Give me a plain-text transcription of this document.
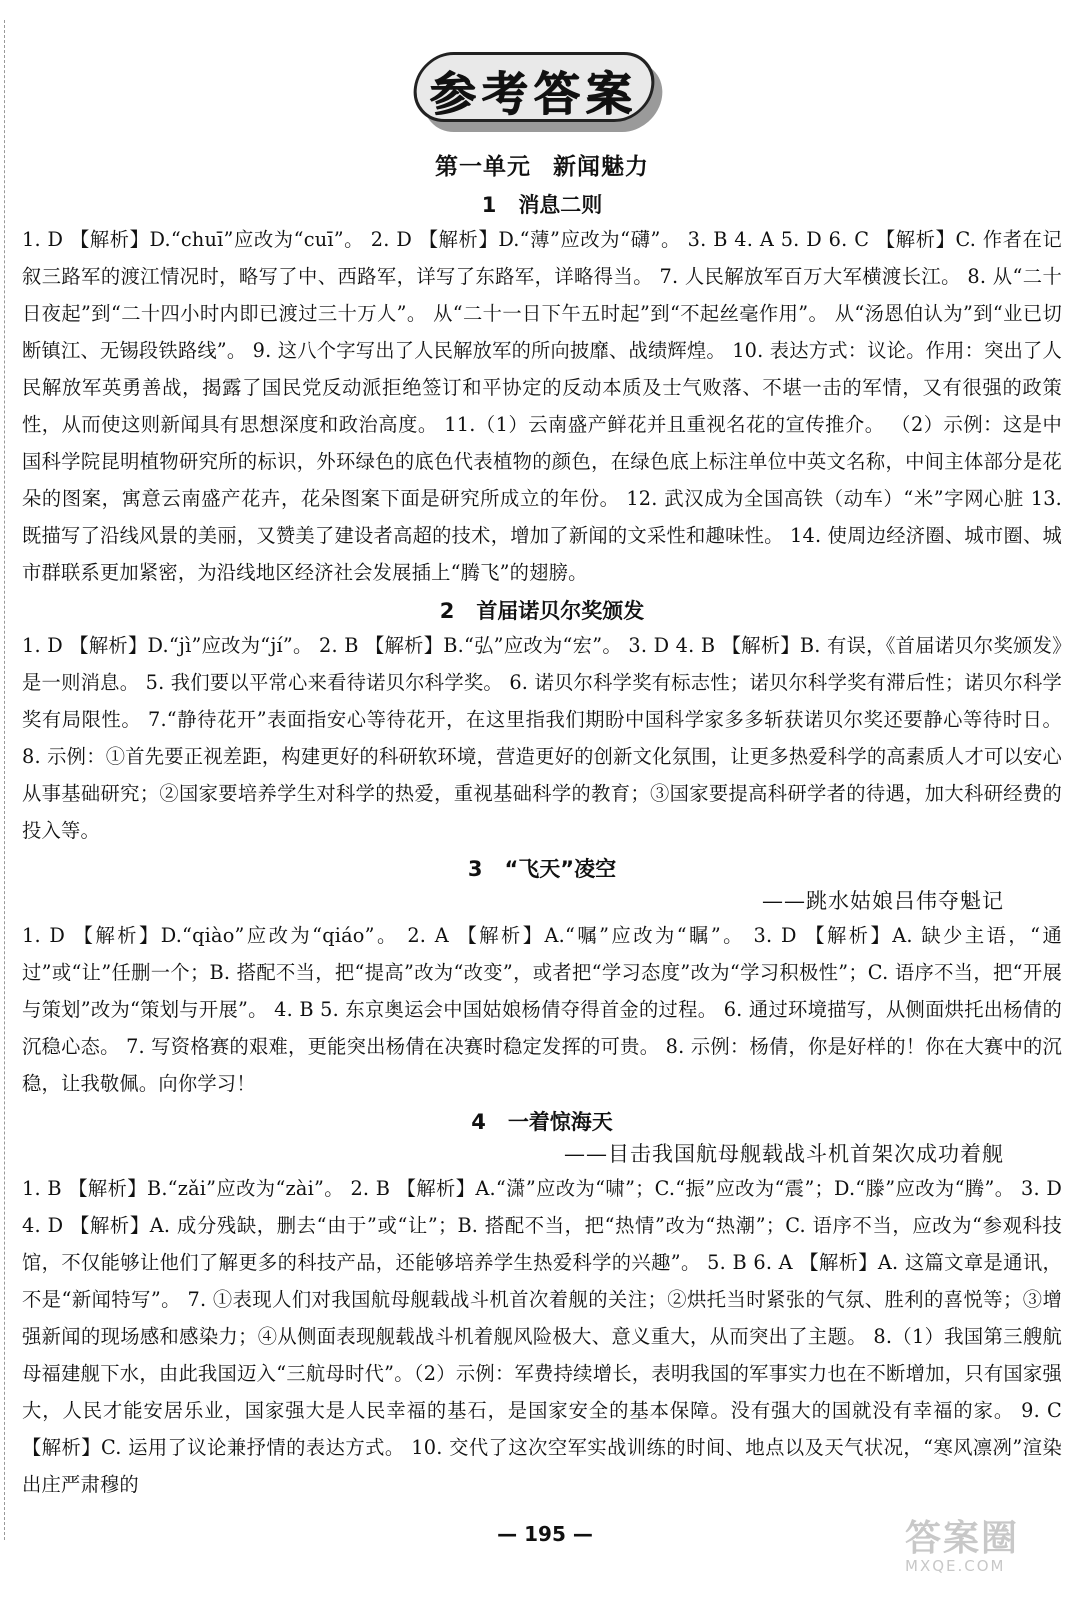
参考答案
第一单元 新闻魅力
1 消息二则

1. D 【解析】D.“chuī”应改为“cuī”。 2. D 【解析】D.“薄”应改为“礴”。 3. B 4. A 5. D 6. C 【解析】C. 作者在记叙三路军的渡江情况时，略写了中、西路军，详写了东路军，详略得当。 7. 人民解放军百万大军横渡长江。 8. 从“二十日夜起”到“二十四小时内即已渡过三十万人”。 从“二十一日下午五时起”到“不起丝毫作用”。 从“汤恩伯认为”到“业已切断镇江、无锡段铁路线”。 9. 这八个字写出了人民解放军的所向披靡、战绩辉煌。 10. 表达方式：议论。作用：突出了人民解放军英勇善战，揭露了国民党反动派拒绝签订和平协定的反动本质及士气败落、不堪一击的军情，又有很强的政策性，从而使这则新闻具有思想深度和政治高度。 11.（1）云南盛产鲜花并且重视名花的宣传推介。 （2）示例：这是中国科学院昆明植物研究所的标识，外环绿色的底色代表植物的颜色，在绿色底上标注单位中英文名称，中间主体部分是花朵的图案，寓意云南盛产花卉，花朵图案下面是研究所成立的年份。 12. 武汉成为全国高铁（动车）“米”字网心脏 13. 既描写了沿线风景的美丽，又赞美了建设者高超的技术，增加了新闻的文采性和趣味性。 14. 使周边经济圈、城市圈、城市群联系更加紧密，为沿线地区经济社会发展插上“腾飞”的翅膀。

2 首届诺贝尔奖颁发

1. D 【解析】D.“jì”应改为“jí”。 2. B 【解析】B.“弘”应改为“宏”。 3. D 4. B 【解析】B. 有误，《首届诺贝尔奖颁发》是一则消息。 5. 我们要以平常心来看待诺贝尔科学奖。 6. 诺贝尔科学奖有标志性；诺贝尔科学奖有滞后性；诺贝尔科学奖有局限性。 7.“静待花开”表面指安心等待花开，在这里指我们期盼中国科学家多多斩获诺贝尔奖还要静心等待时日。 8. 示例：①首先要正视差距，构建更好的科研软环境，营造更好的创新文化氛围，让更多热爱科学的高素质人才可以安心从事基础研究；②国家要培养学生对科学的热爱，重视基础科学的教育；③国家要提高科研学者的待遇，加大科研经费的投入等。

3 “飞天”凌空
——跳水姑娘吕伟夺魁记

1. D 【解析】D.“qiào”应改为“qiáo”。 2. A 【解析】A.“嘱”应改为“瞩”。 3. D 【解析】A. 缺少主语，“通过”或“让”任删一个；B. 搭配不当，把“提高”改为“改变”，或者把“学习态度”改为“学习积极性”；C. 语序不当，把“开展与策划”改为“策划与开展”。 4. B 5. 东京奥运会中国姑娘杨倩夺得首金的过程。 6. 通过环境描写，从侧面烘托出杨倩的沉稳心态。 7. 写资格赛的艰难，更能突出杨倩在决赛时稳定发挥的可贵。 8. 示例：杨倩，你是好样的！你在大赛中的沉稳，让我敬佩。向你学习！

4 一着惊海天
——目击我国航母舰载战斗机首架次成功着舰

1. B 【解析】B.“zǎi”应改为“zài”。 2. B 【解析】A.“潇”应改为“啸”；C.“振”应改为“震”；D.“滕”应改为“腾”。 3. D 4. D 【解析】A. 成分残缺，删去“由于”或“让”；B. 搭配不当，把“热情”改为“热潮”；C. 语序不当，应改为“参观科技馆，不仅能够让他们了解更多的科技产品，还能够培养学生热爱科学的兴趣”。 5. B 6. A 【解析】A. 这篇文章是通讯，不是“新闻特写”。 7. ①表现人们对我国航母舰载战斗机首次着舰的关注；②烘托当时紧张的气氛、胜利的喜悦等；③增强新闻的现场感和感染力；④从侧面表现舰载战斗机着舰风险极大、意义重大，从而突出了主题。 8.（1）我国第三艘航母福建舰下水，由此我国迈入“三航母时代”。（2）示例：军费持续增长，表明我国的军事实力也在不断增加，只有国家强大，人民才能安居乐业，国家强大是人民幸福的基石，是国家安全的基本保障。没有强大的国就没有幸福的家。 9. C 【解析】C. 运用了议论兼抒情的表达方式。 10. 交代了这次空军实战训练的时间、地点以及天气状况，“寒风凛冽”渲染出庄严肃穆的

— 195 —	答案圈
MXQE.COM
